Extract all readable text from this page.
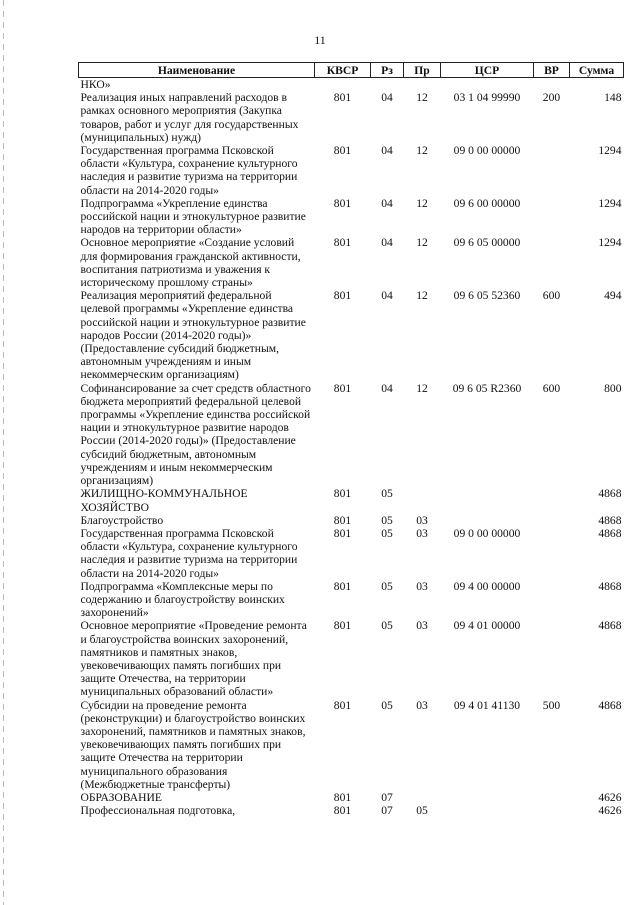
11
Наименование	КВСР	Рз	Пр	ЦСР	ВР	Сумма
НКО»						
Реализация иных направлений расходов в рамках основного мероприятия (Закупка товаров, работ и услуг для государственных (муниципальных) нужд)	801	04	12	03 1 04 99990	200	148
Государственная программа Псковской области «Культура, сохранение культурного наследия и развитие туризма на территории области на 2014-2020 годы»	801	04	12	09 0 00 00000		1294
Подпрограмма «Укрепление единства российской нации и этнокультурное развитие народов на территории области»	801	04	12	09 6 00 00000		1294
Основное мероприятие «Создание условий для формирования гражданской активности, воспитания патриотизма и уважения к историческому прошлому страны»	801	04	12	09 6 05 00000		1294
Реализация мероприятий федеральной целевой программы «Укрепление единства российской нации и этнокультурное развитие народов России (2014-2020 годы)» (Предоставление субсидий бюджетным, автономным учреждениям и иным некоммерческим организациям)	801	04	12	09 6 05 52360	600	494
Софинансирование за счет средств областного бюджета мероприятий федеральной целевой программы «Укрепление единства российской нации и этнокультурное развитие народов России (2014-2020 годы)» (Предоставление субсидий бюджетным, автономным учреждениям и иным некоммерческим организациям)	801	04	12	09 6 05 R2360	600	800
ЖИЛИЩНО-КОММУНАЛЬНОЕ ХОЗЯЙСТВО	801	05				4868
Благоустройство	801	05	03			4868
Государственная программа Псковской области «Культура, сохранение культурного наследия и развитие туризма на территории области на 2014-2020 годы»	801	05	03	09 0 00 00000		4868
Подпрограмма «Комплексные меры по содержанию и благоустройству воинских захоронений»	801	05	03	09 4 00 00000		4868
Основное мероприятие «Проведение ремонта и благоустройства воинских захоронений, памятников и памятных знаков, увековечивающих память погибших при защите Отечества, на территории муниципальных образований области»	801	05	03	09 4 01 00000		4868
Субсидии на проведение ремонта (реконструкции) и благоустройство воинских захоронений, памятников и памятных знаков, увековечивающих память погибших при защите Отечества на территории муниципального образования (Межбюджетные трансферты)	801	05	03	09 4 01 41130	500	4868
ОБРАЗОВАНИЕ	801	07				4626
Профессиональная подготовка,	801	07	05			4626
